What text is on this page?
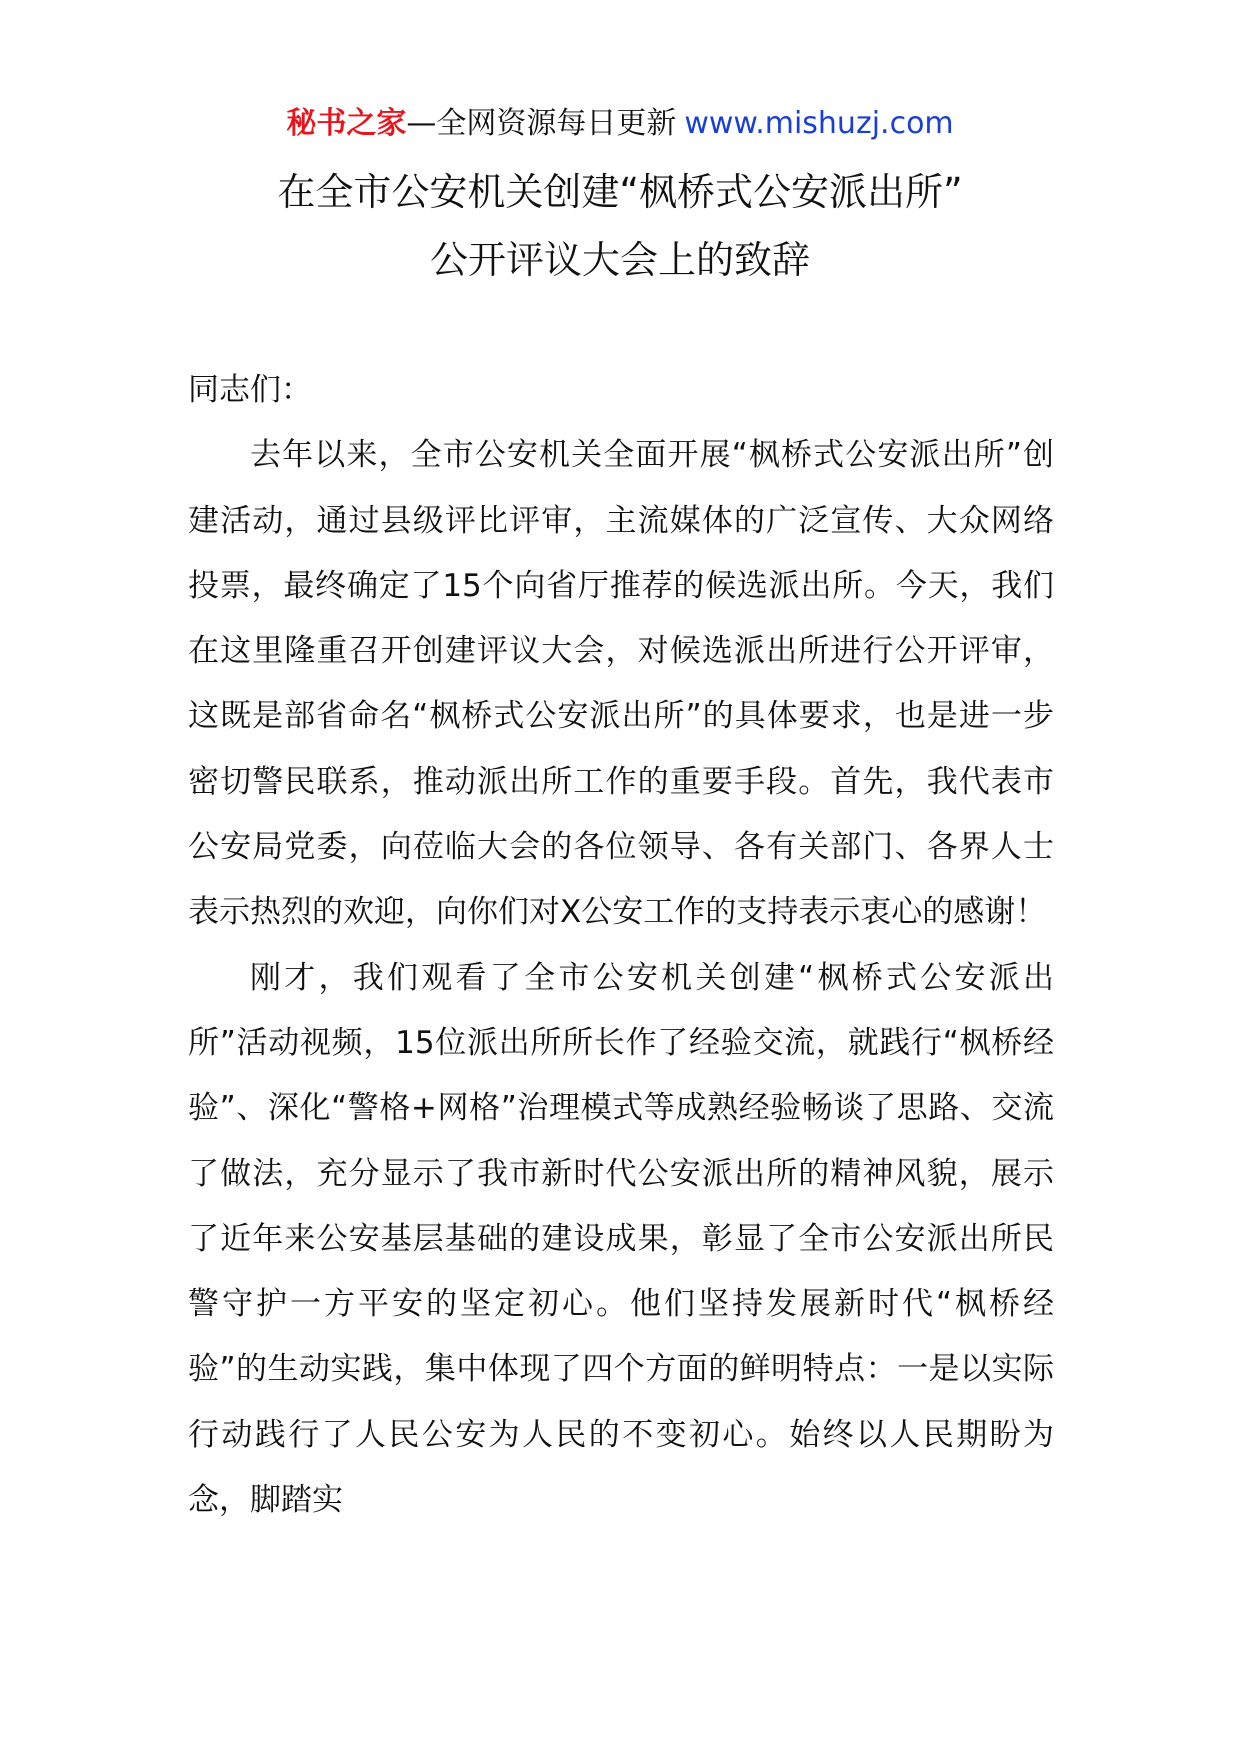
秘书之家—全网资源每日更新 www.mishuzj.com
在全市公安机关创建“枫桥式公安派出所”
公开评议大会上的致辞

同志们：

去年以来，全市公安机关全面开展“枫桥式公安派出所”创建活动，通过县级评比评审，主流媒体的广泛宣传、大众网络投票，最终确定了15个向省厅推荐的候选派出所。今天，我们在这里隆重召开创建评议大会，对候选派出所进行公开评审，这既是部省命名“枫桥式公安派出所”的具体要求，也是进一步密切警民联系，推动派出所工作的重要手段。首先，我代表市公安局党委，向莅临大会的各位领导、各有关部门、各界人士表示热烈的欢迎，向你们对X公安工作的支持表示衷心的感谢！

刚才，我们观看了全市公安机关创建“枫桥式公安派出所”活动视频，15位派出所所长作了经验交流，就践行“枫桥经验”、深化“警格+网格”治理模式等成熟经验畅谈了思路、交流了做法，充分显示了我市新时代公安派出所的精神风貌，展示了近年来公安基层基础的建设成果，彰显了全市公安派出所民警守护一方平安的坚定初心。他们坚持发展新时代“枫桥经验”的生动实践，集中体现了四个方面的鲜明特点：一是以实际行动践行了人民公安为人民的不变初心。始终以人民期盼为念，脚踏实
